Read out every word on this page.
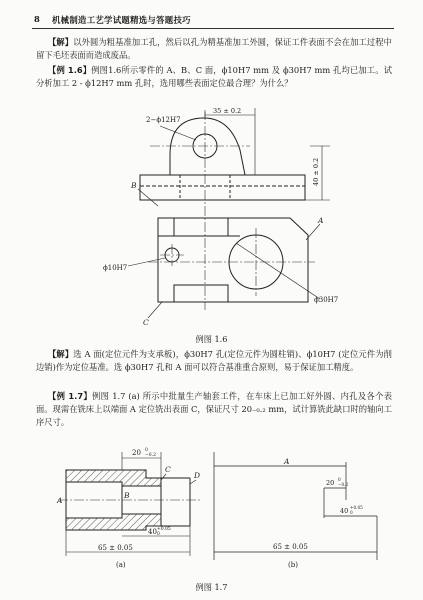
8 机械制造工艺学试题精选与答题技巧

【解】以外圆为粗基准加工孔，然后以孔为精基准加工外圆，保证工件表面不会在加工过程中留下毛坯表面而造成废品。

【例 1.6】例图1.6所示零件的 A、B、C 面，ϕ10H7 mm 及 ϕ30H7 mm 孔均已加工。试分析加工 2 - ϕ12H7 mm 孔时，选用哪些表面定位最合理？为什么？

2−ϕ12H7
35 ± 0.2
40 ± 0.2
B
A
ϕ10H7
ϕ30H7
C
例图 1.6

【解】选 A 面(定位元件为支承板)，ϕ30H7 孔(定位元件为圆柱销)、ϕ10H7 (定位元件为削边销)作为定位基准。选 ϕ30H7 孔和 A 面可以符合基准重合原则，易于保证加工精度。

【例 1.7】例图 1.7 (a) 所示中批量生产轴套工件，在车床上已加工好外圆、内孔及各个表面。现需在铣床上以端面 A 定位铣出表面 C，保证尺寸 20₋₀.₂ mm，试计算铣此缺口时的轴向工序尺寸。

20 0
−0.2
A
B
C
D
40 +0.05
0
65 ± 0.05
(a)
A
20 0
−0.2
40 +0.05
0
65 ± 0.05
(b)
例图 1.7
